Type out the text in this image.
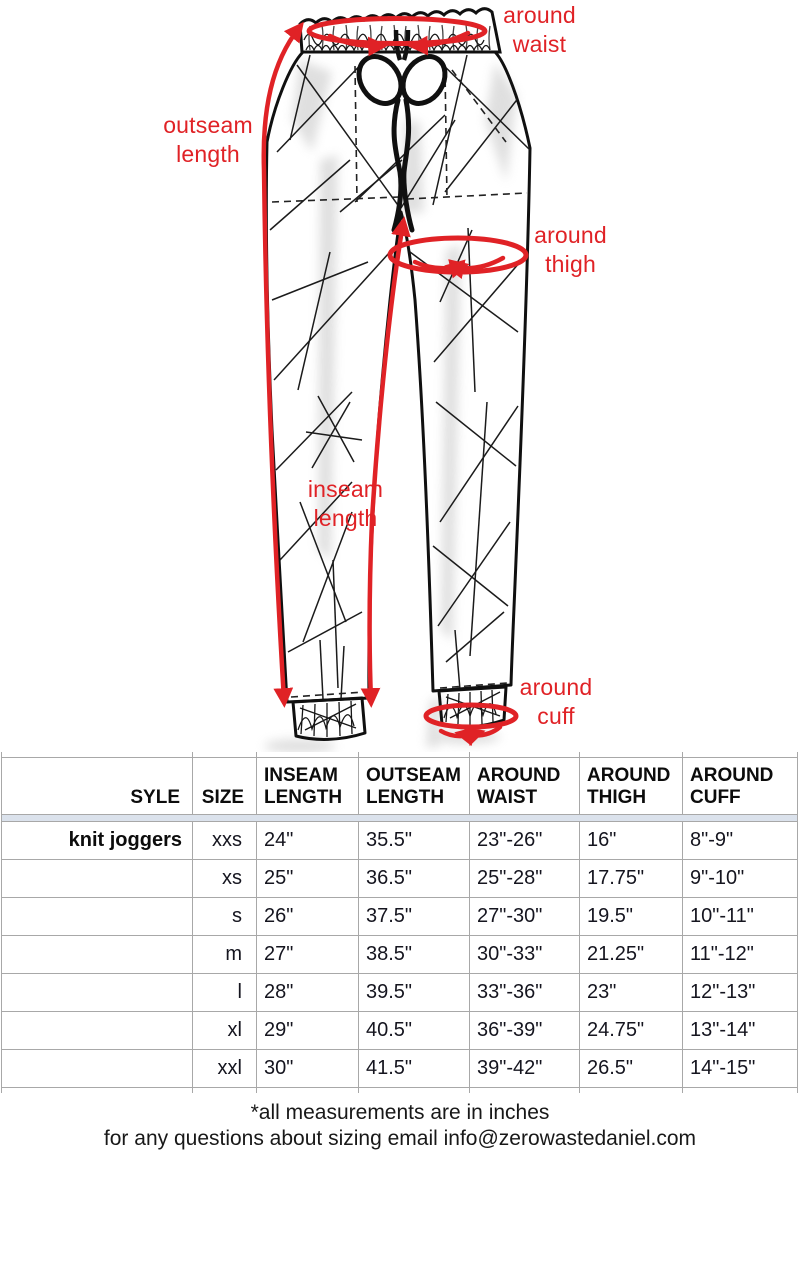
around
waist
outseam
length
around
thigh
inseam
length
around
cuff

SYLE	SIZE	INSEAM LENGTH	OUTSEAM LENGTH	AROUND WAIST	AROUND THIGH	AROUND CUFF

knit joggers	xxs	24"	35.5"	23"-26"	16"	8"-9"
	xs	25"	36.5"	25"-28"	17.75"	9"-10"
	s	26"	37.5"	27"-30"	19.5"	10"-11"
	m	27"	38.5"	30"-33"	21.25"	11"-12"
	l	28"	39.5"	33"-36"	23"	12"-13"
	xl	29"	40.5"	36"-39"	24.75"	13"-14"
	xxl	30"	41.5"	39"-42"	26.5"	14"-15"

*all measurements are in inches
for any questions about sizing email info@zerowastedaniel.com
